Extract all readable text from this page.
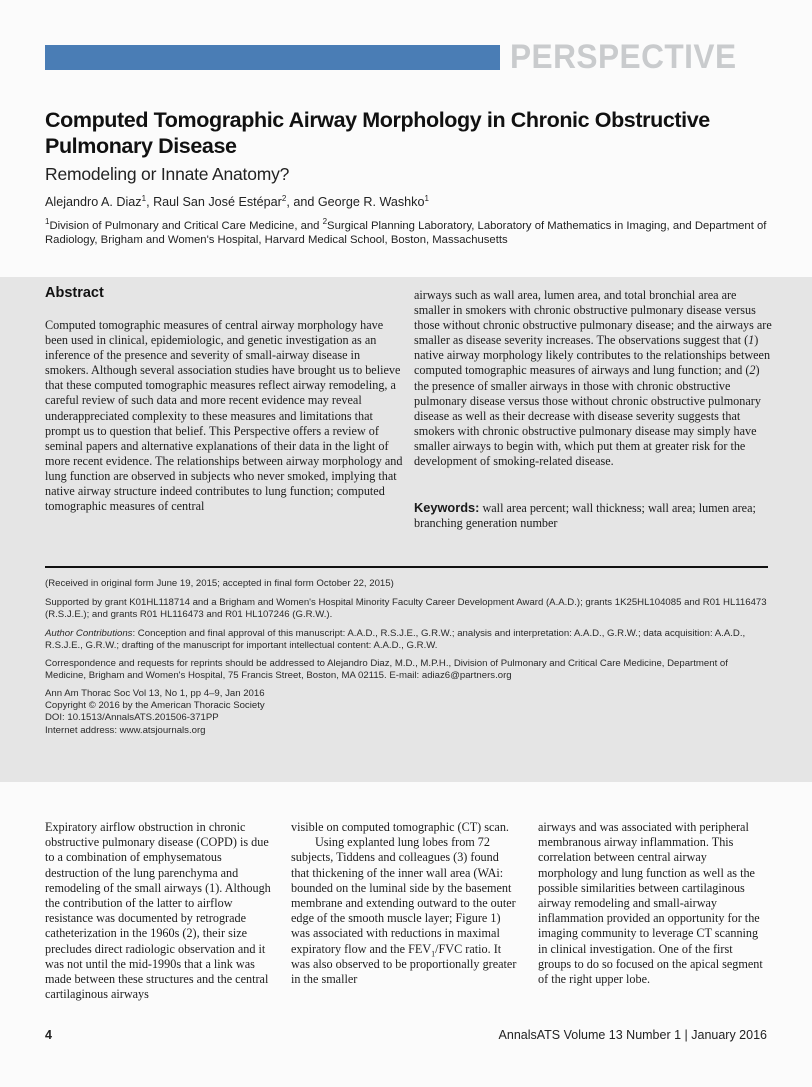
PERSPECTIVE
Computed Tomographic Airway Morphology in Chronic Obstructive Pulmonary Disease
Remodeling or Innate Anatomy?
Alejandro A. Diaz$^1$, Raul San José Estépar$^2$, and George R. Washko$^1$
$^1$Division of Pulmonary and Critical Care Medicine, and $^2$Surgical Planning Laboratory, Laboratory of Mathematics in Imaging, and Department of Radiology, Brigham and Women's Hospital, Harvard Medical School, Boston, Massachusetts
Abstract
Computed tomographic measures of central airway morphology have been used in clinical, epidemiologic, and genetic investigation as an inference of the presence and severity of small-airway disease in smokers. Although several association studies have brought us to believe that these computed tomographic measures reflect airway remodeling, a careful review of such data and more recent evidence may reveal underappreciated complexity to these measures and limitations that prompt us to question that belief. This Perspective offers a review of seminal papers and alternative explanations of their data in the light of more recent evidence. The relationships between airway morphology and lung function are observed in subjects who never smoked, implying that native airway structure indeed contributes to lung function; computed tomographic measures of central
airways such as wall area, lumen area, and total bronchial area are smaller in smokers with chronic obstructive pulmonary disease versus those without chronic obstructive pulmonary disease; and the airways are smaller as disease severity increases. The observations suggest that (1) native airway morphology likely contributes to the relationships between computed tomographic measures of airways and lung function; and (2) the presence of smaller airways in those with chronic obstructive pulmonary disease versus those without chronic obstructive pulmonary disease as well as their decrease with disease severity suggests that smokers with chronic obstructive pulmonary disease may simply have smaller airways to begin with, which put them at greater risk for the development of smoking-related disease.
Keywords: wall area percent; wall thickness; wall area; lumen area; branching generation number
(Received in original form June 19, 2015; accepted in final form October 22, 2015)
Supported by grant K01HL118714 and a Brigham and Women's Hospital Minority Faculty Career Development Award (A.A.D.); grants 1K25HL104085 and R01 HL116473 (R.S.J.E.); and grants R01 HL116473 and R01 HL107246 (G.R.W.).
Author Contributions: Conception and final approval of this manuscript: A.A.D., R.S.J.E., G.R.W.; analysis and interpretation: A.A.D., G.R.W.; data acquisition: A.A.D., R.S.J.E., G.R.W.; drafting of the manuscript for important intellectual content: A.A.D., G.R.W.
Correspondence and requests for reprints should be addressed to Alejandro Diaz, M.D., M.P.H., Division of Pulmonary and Critical Care Medicine, Department of Medicine, Brigham and Women's Hospital, 75 Francis Street, Boston, MA 02115. E-mail: adiaz6@partners.org
Ann Am Thorac Soc Vol 13, No 1, pp 4–9, Jan 2016
Copyright © 2016 by the American Thoracic Society
DOI: 10.1513/AnnalsATS.201506-371PP
Internet address: www.atsjournals.org
Expiratory airflow obstruction in chronic obstructive pulmonary disease (COPD) is due to a combination of emphysematous destruction of the lung parenchyma and remodeling of the small airways (1). Although the contribution of the latter to airflow resistance was documented by retrograde catheterization in the 1960s (2), their size precludes direct radiologic observation and it was not until the mid-1990s that a link was made between these structures and the central cartilaginous airways
visible on computed tomographic (CT) scan.
Using explanted lung lobes from 72 subjects, Tiddens and colleagues (3) found that thickening of the inner wall area (WAi: bounded on the luminal side by the basement membrane and extending outward to the outer edge of the smooth muscle layer; Figure 1) was associated with reductions in maximal expiratory flow and the $FEV_1$/FVC ratio. It was also observed to be proportionally greater in the smaller
airways and was associated with peripheral membranous airway inflammation. This correlation between central airway morphology and lung function as well as the possible similarities between cartilaginous airway remodeling and small-airway inflammation provided an opportunity for the imaging community to leverage CT scanning in clinical investigation. One of the first groups to do so focused on the apical segment of the right upper lobe.
4	AnnalsATS Volume 13 Number 1 | January 2016
